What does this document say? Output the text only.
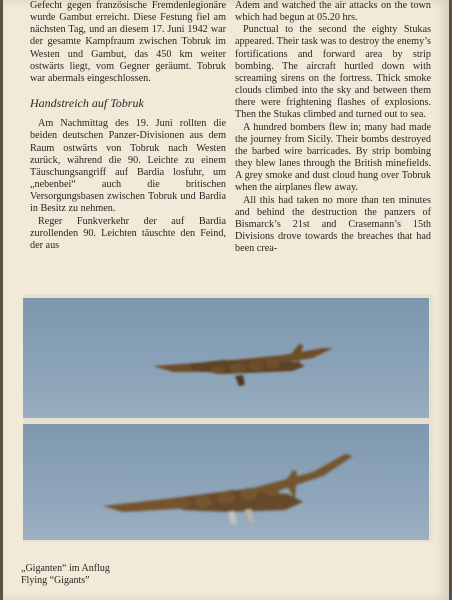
Gefecht gegen französische Fremdenlegionäre wurde Gambut erreicht. Diese Festung fiel am nächsten Tag, und an diesem 17. Juni 1942 war der gesamte Kampfraum zwischen Tobruk im Westen und Gambut, das 450 km weiter ostwärts liegt, vom Gegner geräumt. Tobruk war abermals eingeschlossen.

Handstreich auf Tobruk

Am Nachmittag des 19. Juni rollten die beiden deutschen Panzer-Divisionen aus dem Raum ostwärts von Tobruk nach Westen zurück, während die 90. Leichte zu einem Täuschungsangriff auf Bardia losfuhr, um „nebenbei“ auch die britischen Versorgungsbasen zwischen Tobruk und Bardia in Besitz zu nehmen.

Reger Funkverkehr der auf Bardia zurollenden 90. Leichten täuschte den Feind, der aus

Adem and watched the air attacks on the town which had begun at 05.20 hrs.

Punctual to the second the eighty Stukas appeared. Their task was to destroy the enemy’s fortifications and forward area by strip bombing. The aircraft hurtled down with screaming sirens on the fortress. Thick smoke clouds climbed into the sky and between them there were frightening flashes of explosions. Then the Stukas climbed and turned out to sea.

A hundred bombers flew in; many had made the journey from Sicily. Their bombs destroyed the barbed wire barricades. By strip bombing they blew lanes through the British minefields. A grey smoke and dust cloud hung over Tobruk when the airplanes flew away.

All this had taken no more than ten minutes and behind the destruction the panzers of Bismarck’s 21st and Crasemann’s 15th Divisions drove towards the breaches that had been crea-

„Giganten“ im Anflug
Flying “Gigants”
